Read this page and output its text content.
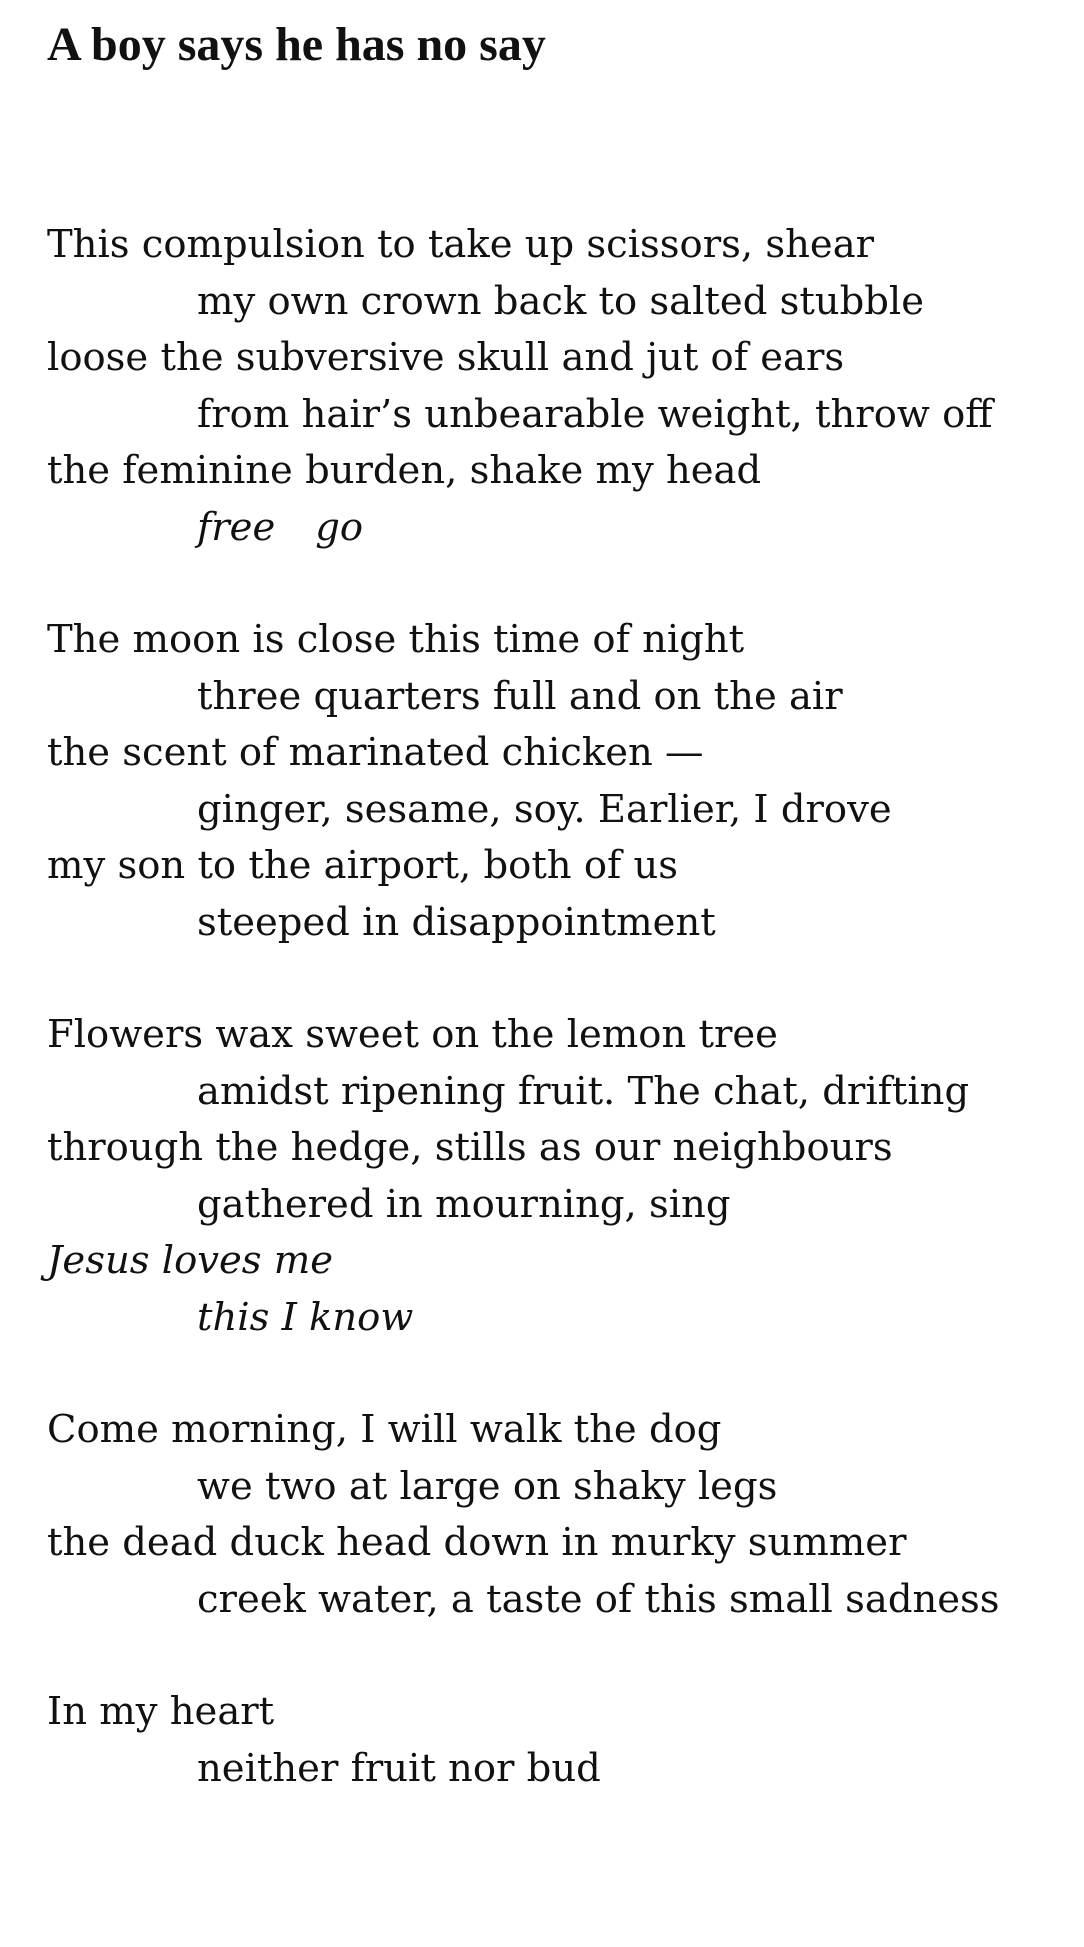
A boy says he has no say
This compulsion to take up scissors, shear
my own crown back to salted stubble
loose the subversive skull and jut of ears
from hair’s unbearable weight, throw off
the feminine burden, shake my head
free go
The moon is close this time of night
three quarters full and on the air
the scent of marinated chicken —
ginger, sesame, soy. Earlier, I drove
my son to the airport, both of us
steeped in disappointment
Flowers wax sweet on the lemon tree
amidst ripening fruit. The chat, drifting
through the hedge, stills as our neighbours
gathered in mourning, sing
Jesus loves me
this I know
Come morning, I will walk the dog
we two at large on shaky legs
the dead duck head down in murky summer
creek water, a taste of this small sadness
In my heart
neither fruit nor bud
